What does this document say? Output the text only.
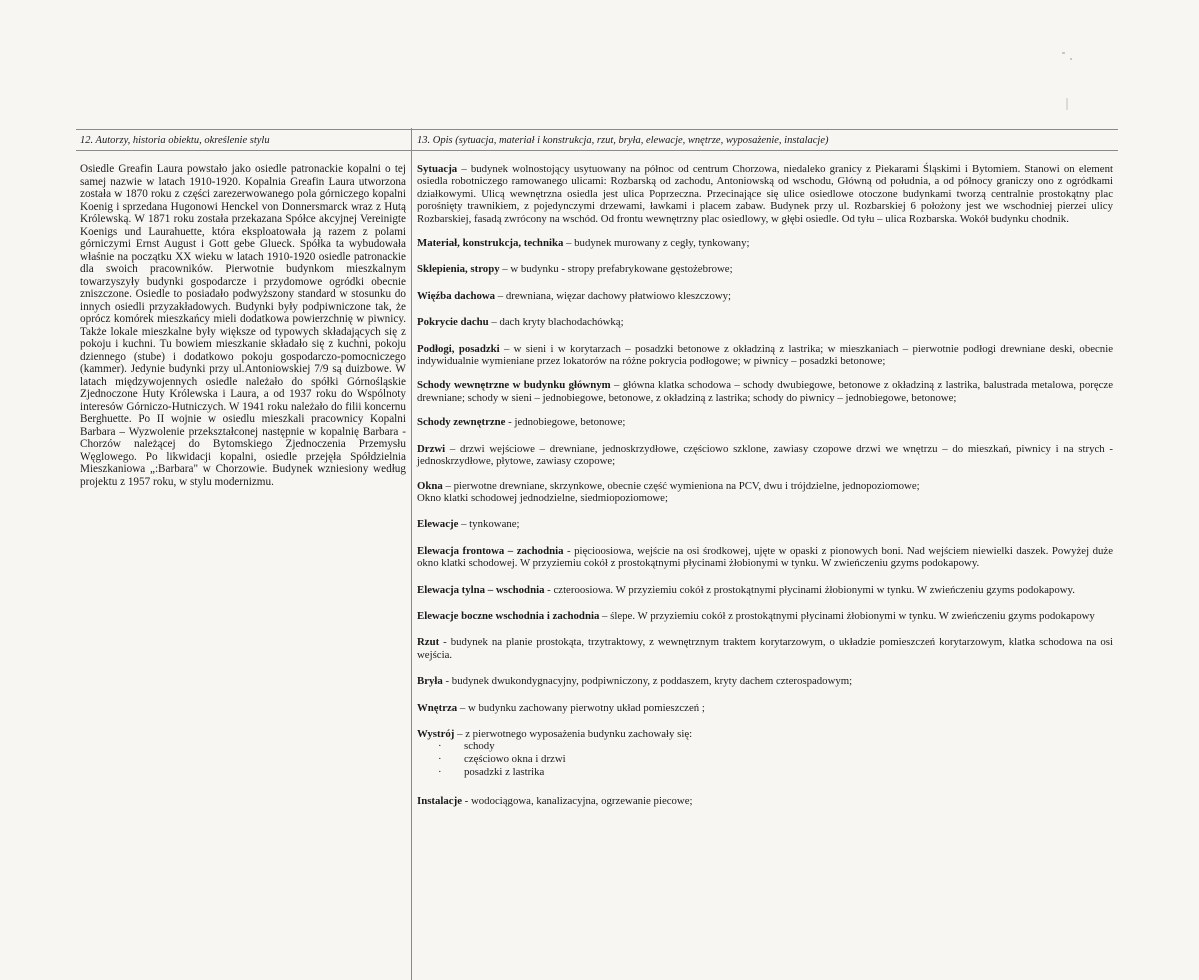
12. Autorzy, historia obiektu, określenie stylu

Osiedle Greafin Laura powstało jako osiedle patronackie kopalni o tej samej nazwie w latach 1910-1920. Kopalnia Greafin Laura utworzona została w 1870 roku z części zarezerwowanego pola górniczego kopalni Koenig i sprzedana Hugonowi Henckel von Donnersmarck wraz z Hutą Królewską. W 1871 roku została przekazana Spółce akcyjnej Vereinigte Koenigs und Laurahuette, która eksploatowała ją razem z polami górniczymi Ernst August i Gott gebe Glueck. Spółka ta wybudowała właśnie na początku XX wieku w latach 1910-1920 osiedle patronackie dla swoich pracowników. Pierwotnie budynkom mieszkalnym towarzyszyły budynki gospodarcze i przydomowe ogródki obecnie zniszczone. Osiedle to posiadało podwyższony standard w stosunku do innych osiedli przyzakładowych. Budynki były podpiwniczone tak, że oprócz komórek mieszkańcy mieli dodatkowa powierzchnię w piwnicy. Także lokale mieszkalne były większe od typowych składających się z pokoju i kuchni. Tu bowiem mieszkanie składało się z kuchni, pokoju dziennego (stube) i dodatkowo pokoju gospodarczo-pomocniczego (kammer). Jedynie budynki przy ul.Antoniowskiej 7/9 są duizbowe. W latach międzywojennych osiedle należało do spółki Górnośląskie Zjednoczone Huty Królewska i Laura, a od 1937 roku do Wspólnoty interesów Górniczo-Hutniczych. W 1941 roku należało do filii koncernu Berghuette. Po II wojnie w osiedlu mieszkali pracownicy Kopalni Barbara – Wyzwolenie przekształconej następnie w kopalnię Barbara - Chorzów należącej do Bytomskiego Zjednoczenia Przemysłu Węglowego. Po likwidacji kopalni, osiedle przejęła Spółdzielnia Mieszkaniowa „:Barbara" w Chorzowie. Budynek wzniesiony według projektu z 1957 roku, w stylu modernizmu.

13. Opis (sytuacja, materiał i konstrukcja, rzut, bryła, elewacje, wnętrze, wyposażenie, instalacje)

Sytuacja – budynek wolnostojący usytuowany na północ od centrum Chorzowa, niedaleko granicy z Piekarami Śląskimi i Bytomiem. Stanowi on element osiedla robotniczego ramowanego ulicami: Rozbarską od zachodu, Antoniowską od wschodu, Główną od południa, a od północy graniczy ono z ogródkami działkowymi. Ulicą wewnętrzna osiedla jest ulica Poprzeczna. Przecinające się ulice osiedlowe otoczone budynkami tworzą centralnie prostokątny plac porośnięty trawnikiem, z pojedynczymi drzewami, ławkami i placem zabaw. Budynek przy ul. Rozbarskiej 6 położony jest we wschodniej pierzei ulicy Rozbarskiej, fasadą zwrócony na wschód. Od frontu wewnętrzny plac osiedlowy, w głębi osiedle. Od tyłu – ulica Rozbarska. Wokół budynku chodnik.

Materiał, konstrukcja, technika – budynek murowany z cegły, tynkowany;

Sklepienia, stropy – w budynku - stropy prefabrykowane gęstożebrowe;

Więźba dachowa – drewniana, więzar dachowy płatwiowo kleszczowy;

Pokrycie dachu – dach kryty blachodachówką;

Podłogi, posadzki – w sieni i w korytarzach – posadzki betonowe z okładziną z lastrika; w mieszkaniach – pierwotnie podłogi drewniane deski, obecnie indywidualnie wymieniane przez lokatorów na różne pokrycia podłogowe; w piwnicy – posadzki betonowe;

Schody wewnętrzne w budynku głównym – główna klatka schodowa – schody dwubiegowe, betonowe z okładziną z lastrika, balustrada metalowa, poręcze drewniane; schody w sieni – jednobiegowe, betonowe, z okładziną z lastrika; schody do piwnicy – jednobiegowe, betonowe;

Schody zewnętrzne - jednobiegowe, betonowe;

Drzwi – drzwi wejściowe – drewniane, jednoskrzydłowe, częściowo szklone, zawiasy czopowe drzwi we wnętrzu – do mieszkań, piwnicy i na strych - jednoskrzydłowe, płytowe, zawiasy czopowe;

Okna – pierwotne drewniane, skrzynkowe, obecnie część wymieniona na PCV, dwu i trójdzielne, jednopoziomowe;
Okno klatki schodowej jednodzielne, siedmiopoziomowe;

Elewacje – tynkowane;

Elewacja frontowa – zachodnia - pięcioosiowa, wejście na osi środkowej, ujęte w opaski z pionowych boni. Nad wejściem niewielki daszek. Powyżej duże okno klatki schodowej. W przyziemiu cokół z prostokątnymi płycinami żłobionymi w tynku. W zwieńczeniu gzyms podokapowy.

Elewacja tylna – wschodnia - czteroosiowa. W przyziemiu cokół z prostokątnymi płycinami żłobionymi w tynku. W zwieńczeniu gzyms podokapowy.

Elewacje boczne wschodnia i zachodnia – ślepe. W przyziemiu cokół z prostokątnymi płycinami żłobionymi w tynku. W zwieńczeniu gzyms podokapowy

Rzut - budynek na planie prostokąta, trzytraktowy, z wewnętrznym traktem korytarzowym, o układzie pomieszczeń korytarzowym, klatka schodowa na osi wejścia.

Bryła - budynek dwukondygnacyjny, podpiwniczony, z poddaszem, kryty dachem czterospadowym;

Wnętrza – w budynku zachowany pierwotny układ pomieszczeń ;

Wystrój – z pierwotnego wyposażenia budynku zachowały się:

· schody
· częściowo okna i drzwi
· posadzki z lastrika

Instalacje - wodociągowa, kanalizacyjna, ogrzewanie piecowe;
